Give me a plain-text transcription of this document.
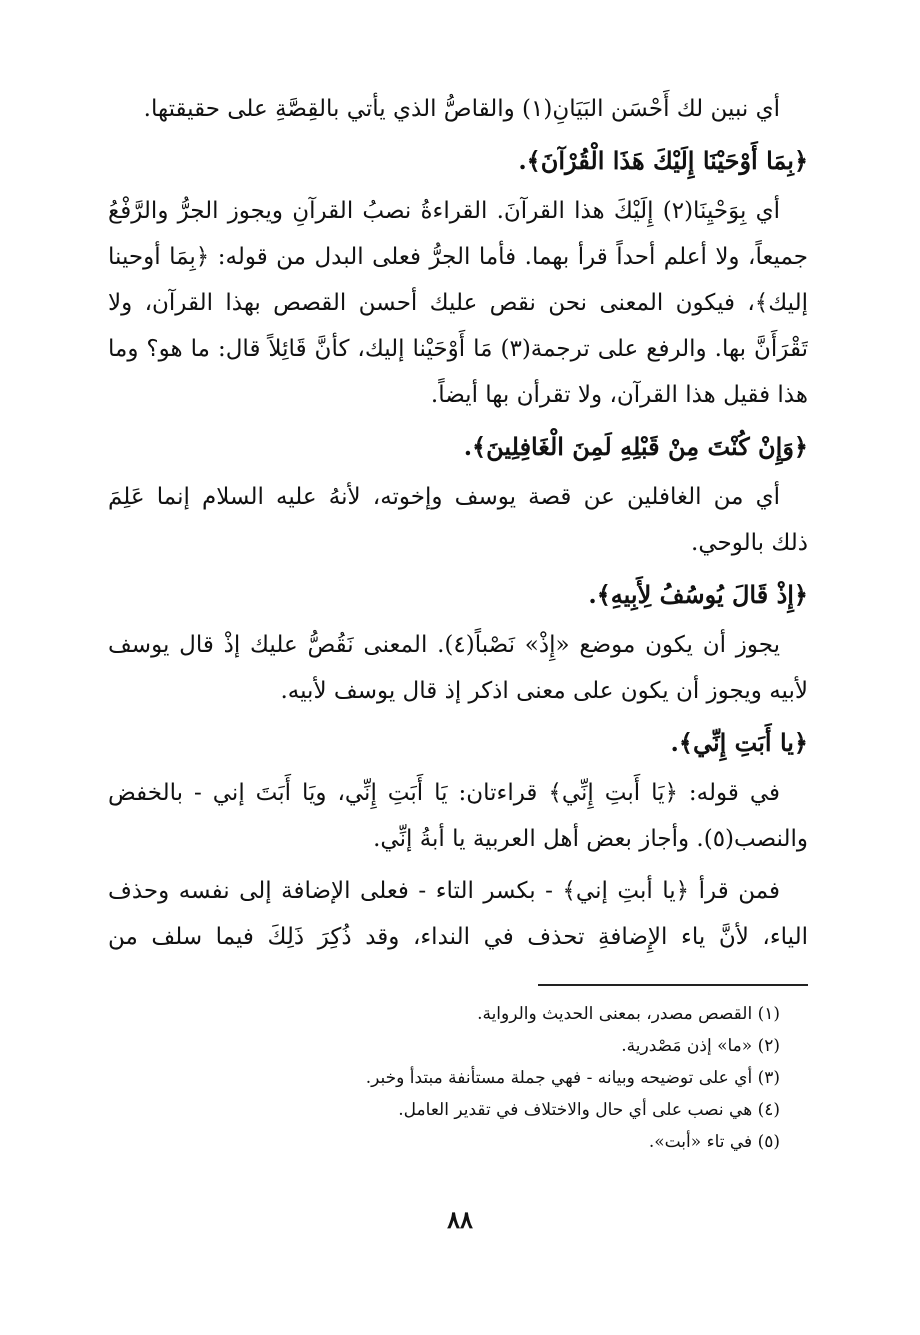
أي نبين لك أَحْسَن البَيَانِ(١) والقاصُّ الذي يأتي بالقِصَّةِ على حقيقتها.
﴿بِمَا أَوْحَيْنَا إِلَيْكَ هَذَا الْقُرْآنَ﴾.
أي بِوَحْيِنَا(٢) إِلَيْكَ هذا القرآنَ. القراءةُ نصبُ القرآنِ ويجوز الجرُّ والرَّفْعُ
جميعاً، ولا أعلم أحداً قرأ بهما. فأما الجرُّ فعلى البدل من قوله: ﴿بِمَا أوحينا
إليك﴾، فيكون المعنى نحن نقص عليك أحسن القصص بهذا القرآن، ولا
تَقْرَأَنَّ بها. والرفع على ترجمة(٣) مَا أَوْحَيْنا إليك، كأنَّ قَائِلاً قال: ما هو؟ وما
هذا فقيل هذا القرآن، ولا تقرأن بها أيضاً.
﴿وَإِنْ كُنْتَ مِنْ قَبْلِهِ لَمِنَ الْغَافِلِينَ﴾.
أي من الغافلين عن قصة يوسف وإخوته، لأنهُ عليه السلام إنما عَلِمَ
ذلك بالوحي.
﴿إِذْ قَالَ يُوسُفُ لِأَبِيهِ﴾.
يجوز أن يكون موضع «إِذْ» نَصْباً(٤). المعنى نَقُصُّ عليك إذْ قال يوسف
لأبيه ويجوز أن يكون على معنى اذكر إذ قال يوسف لأبيه.
﴿يا أَبَتِ إِنِّي﴾.
في قوله: ﴿يَا أَبتِ إِنِّي﴾ قراءتان: يَا أَبَتِ إِنِّي، ويَا أَبَتَ إني - بالخفض
والنصب(٥). وأجاز بعض أهل العربية يا أبةُ إنِّي.
فمن قرأ ﴿يا أبتِ إني﴾ - بكسر التاء - فعلى الإضافة إلى نفسه وحذف
الياء، لأنَّ ياء الإِضافةِ تحذف في النداء، وقد ذُكِرَ ذَلِكَ فيما سلف من
(١) القصص مصدر، بمعنى الحديث والرواية.
(٢) «ما» إذن مَصْدرية.
(٣) أي على توضيحه وبيانه - فهي جملة مستأنفة مبتدأ وخبر.
(٤) هي نصب على أي حال والاختلاف في تقدير العامل.
(٥) في تاء «أبت».
٨٨
